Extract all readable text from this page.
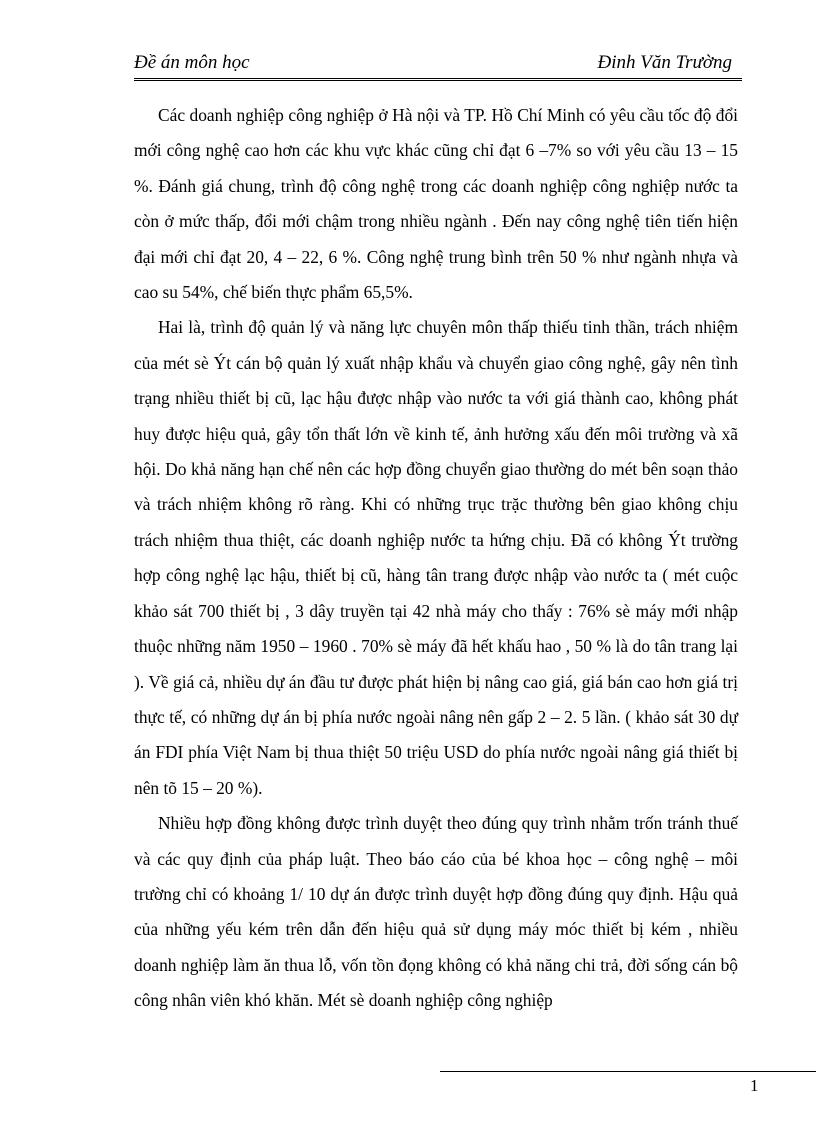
Đề án môn học	Đinh Văn Trường

Các doanh nghiệp công nghiệp ở Hà nội và TP. Hồ Chí Minh có yêu cầu tốc độ đổi mới công nghệ cao hơn các khu vực khác cũng chỉ đạt 6 –7% so với yêu cầu 13 – 15 %. Đánh giá chung, trình độ công nghệ trong các doanh nghiệp công nghiệp nước ta còn ở mức thấp, đổi mới chậm trong nhiều ngành . Đến nay công nghệ tiên tiến hiện đại mới chỉ đạt 20, 4 – 22, 6 %. Công nghệ trung bình trên 50 % như ngành nhựa và cao su 54%, chế biến thực phẩm 65,5%.

Hai là, trình độ quản lý và năng lực chuyên môn thấp thiếu tinh thần, trách nhiệm của mét sè Ýt cán bộ quản lý xuất nhập khẩu và chuyển giao công nghệ, gây nên tình trạng nhiều thiết bị cũ, lạc hậu được nhập vào nước ta với giá thành cao, không phát huy được hiệu quả, gây tổn thất lớn về kinh tế, ảnh hưởng xấu đến môi trường và xã hội. Do khả năng hạn chế nên các hợp đồng chuyển giao thường do mét bên soạn thảo và trách nhiệm không rõ ràng. Khi có những trục trặc thường bên giao không chịu trách nhiệm thua thiệt, các doanh nghiệp nước ta hứng chịu. Đã có không Ýt trường hợp công nghệ lạc hậu, thiết bị cũ, hàng tân trang được nhập vào nước ta ( mét cuộc khảo sát 700 thiết bị , 3 dây truyền tại 42 nhà máy cho thấy : 76% sè máy mới nhập thuộc những năm 1950 – 1960 . 70% sè máy đã hết khấu hao , 50 % là do tân trang lại ). Về giá cả, nhiều dự án đầu tư được phát hiện bị nâng cao giá, giá bán cao hơn giá trị thực tế, có những dự án bị phía nước ngoài nâng nên gấp 2 – 2. 5 lần. ( khảo sát 30 dự án FDI phía Việt Nam bị thua thiệt 50 triệu USD do phía nước ngoài nâng giá thiết bị nên tõ 15 – 20 %).

Nhiều hợp đồng không được trình duyệt theo đúng quy trình nhằm trốn tránh thuế và các quy định của pháp luật. Theo báo cáo của bé khoa học – công nghệ – môi trường chỉ có khoảng 1/ 10 dự án được trình duyệt hợp đồng đúng quy định. Hậu quả của những yếu kém trên dẫn đến hiệu quả sử dụng máy móc thiết bị kém , nhiều doanh nghiệp làm ăn thua lỗ, vốn tồn đọng không có khả năng chi trả, đời sống cán bộ công nhân viên khó khăn. Mét sè doanh nghiệp công nghiệp

1
